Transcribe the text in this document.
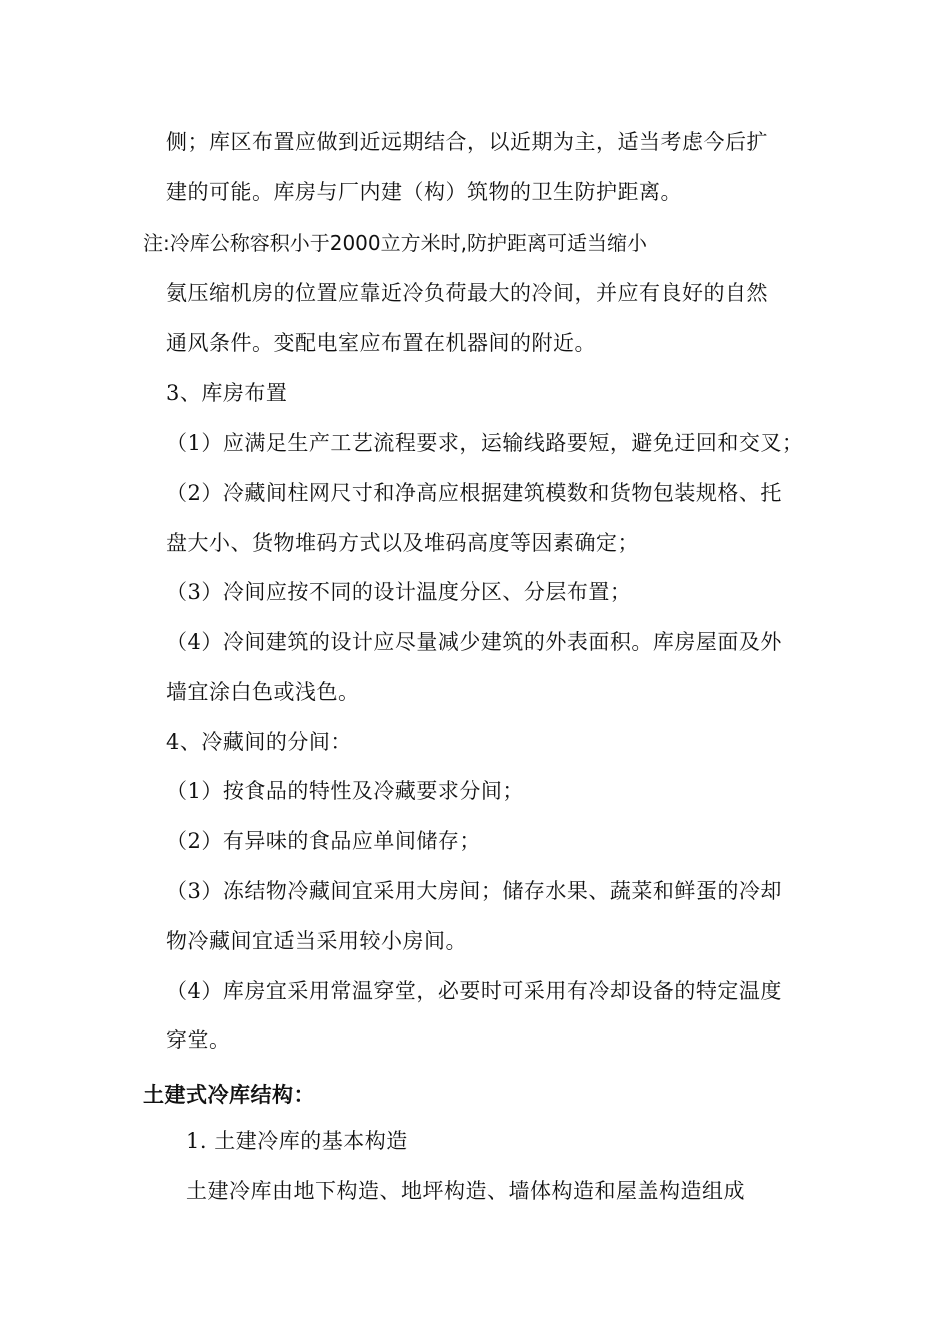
侧；库区布置应做到近远期结合，以近期为主，适当考虑今后扩
建的可能。库房与厂内建（构）筑物的卫生防护距离。
注:冷库公称容积小于2000立方米时,防护距离可适当缩小
氨压缩机房的位置应靠近冷负荷最大的冷间，并应有良好的自然
通风条件。变配电室应布置在机器间的附近。
3、库房布置
（1）应满足生产工艺流程要求，运输线路要短，避免迂回和交叉；
（2）冷藏间柱网尺寸和净高应根据建筑模数和货物包装规格、托
盘大小、货物堆码方式以及堆码高度等因素确定；
（3）冷间应按不同的设计温度分区、分层布置；
（4）冷间建筑的设计应尽量减少建筑的外表面积。库房屋面及外
墙宜涂白色或浅色。
4、冷藏间的分间：
（1）按食品的特性及冷藏要求分间；
（2）有异味的食品应单间储存；
（3）冻结物冷藏间宜采用大房间；储存水果、蔬菜和鲜蛋的冷却
物冷藏间宜适当采用较小房间。
（4）库房宜采用常温穿堂，必要时可采用有冷却设备的特定温度
穿堂。
土建式冷库结构：
1. 土建冷库的基本构造
土建冷库由地下构造、地坪构造、墙体构造和屋盖构造组成
